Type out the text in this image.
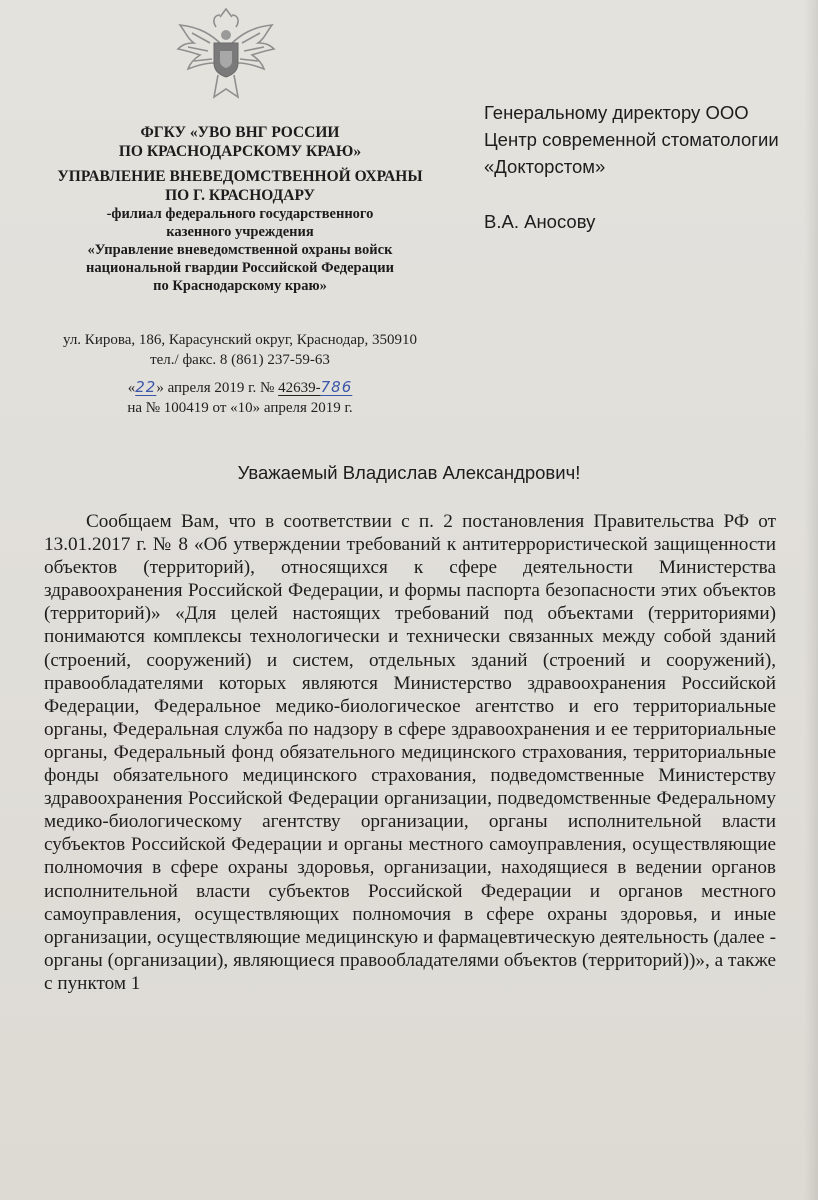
ФГКУ «УВО ВНГ РОССИИ
ПО КРАСНОДАРСКОМУ КРАЮ»
УПРАВЛЕНИЕ ВНЕВЕДОМСТВЕННОЙ ОХРАНЫ
ПО Г. КРАСНОДАРУ
-филиал федерального государственного
казенного учреждения
«Управление вневедомственной охраны войск
национальной гвардии Российской Федерации
по Краснодарскому краю»
ул. Кирова, 186, Карасунский округ, Краснодар, 350910
тел./ факс. 8 (861) 237-59-63
«22» апреля 2019 г. № 42639-786
на № 100419 от «10» апреля 2019 г.
Генеральному директору ООО
Центр современной стоматологии
«Докторстом»
В.А. Аносову
Уважаемый Владислав Александрович!
Сообщаем Вам, что в соответствии с п. 2 постановления Правительства РФ от 13.01.2017 г. № 8 «Об утверждении требований к антитеррористической защищенности объектов (территорий), относящихся к сфере деятельности Министерства здравоохранения Российской Федерации, и формы паспорта безопасности этих объектов (территорий)» «Для целей настоящих требований под объектами (территориями) понимаются комплексы технологически и технически связанных между собой зданий (строений, сооружений) и систем, отдельных зданий (строений и сооружений), правообладателями которых являются Министерство здравоохранения Российской Федерации, Федеральное медико-биологическое агентство и его территориальные органы, Федеральная служба по надзору в сфере здравоохранения и ее территориальные органы, Федеральный фонд обязательного медицинского страхования, территориальные фонды обязательного медицинского страхования, подведомственные Министерству здравоохранения Российской Федерации организации, подведомственные Федеральному медико-биологическому агентству организации, органы исполнительной власти субъектов Российской Федерации и органы местного самоуправления, осуществляющие полномочия в сфере охраны здоровья, организации, находящиеся в ведении органов исполнительной власти субъектов Российской Федерации и органов местного самоуправления, осуществляющих полномочия в сфере охраны здоровья, и иные организации, осуществляющие медицинскую и фармацевтическую деятельность (далее - органы (организации), являющиеся правообладателями объектов (территорий))», а также с пунктом 1
